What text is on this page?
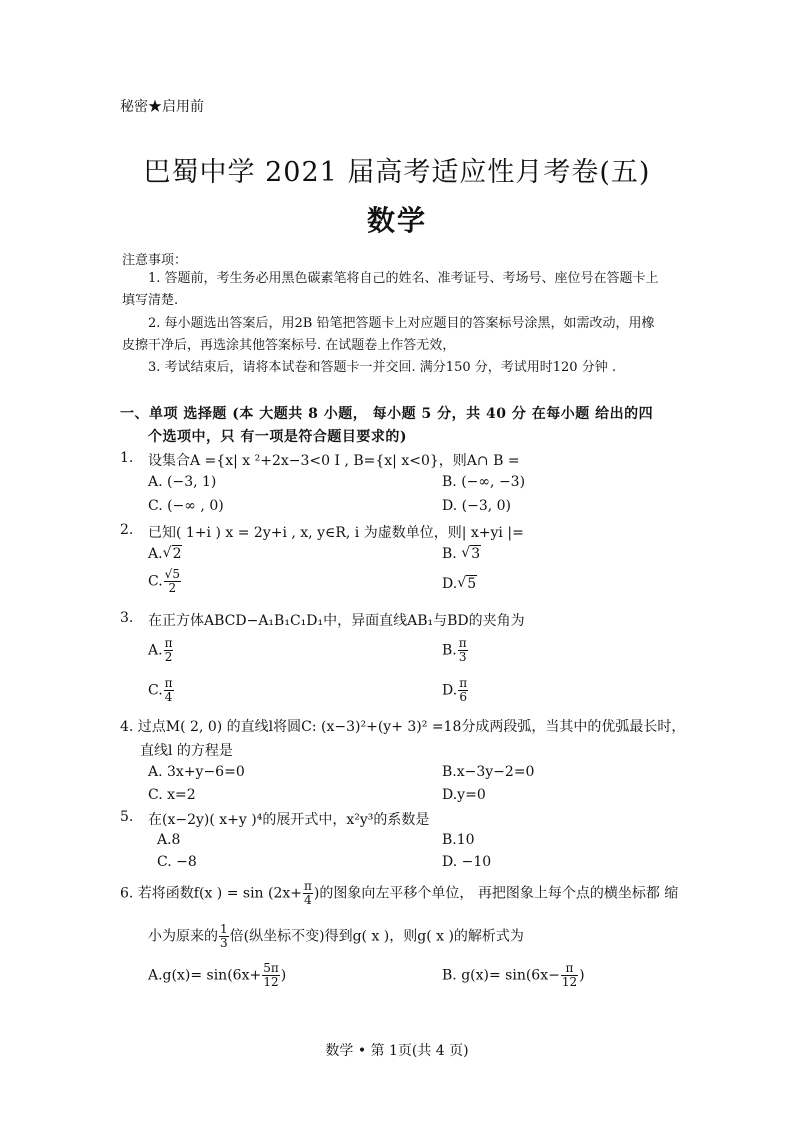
秘密★启用前
巴蜀中学 2021 届高考适应性月考卷(五)
数学
注意事项：
1. 答题前，考生务必用黑色碳素笔将自己的姓名、准考证号、考场号、座位号在答题卡上
填写清楚.
2. 每小题选出答案后，用2B 铅笔把答题卡上对应题目的答案标号涂黑，如需改动，用橡
皮擦干净后，再选涂其他答案标号. 在试题卷上作答无效，
3. 考试结束后，请将本试卷和答题卡一并交回. 满分150 分，考试用时120 分钟 .
一、单项 选择题 (本 大题共 8 小题， 每小题 5 分，共 40 分 在每小题 给出的四
个选项中，只 有一项是符合题目要求的)
1. 设集合A ={x| x ²+2x−3<0 I , B={x| x<0}，则A∩ B =
A. (−3, 1)	B. (−∞, −3)
C. (−∞ , 0)	D. (−3, 0)
2. 已知( 1+i ) x = 2y+i , x, y∈R, i 为虚数单位，则| x+yi |=
A. √ 2	B. √ 3
C. $\frac{√5}{2}$	D. √ 5
3. 在正方体ABCD−A₁B₁C₁D₁中，异面直线AB₁与BD的夹角为
A. $\frac{\pi}{2}$	B. $\frac{\pi}{3}$
C. $\frac{\pi}{4}$	D. $\frac{\pi}{6}$
4. 过点M( 2, 0) 的直线l将圆C: (x−3)²+(y+ 3)² =18分成两段弧，当其中的优弧最长时，
直线l 的方程是
A. 3x+y−6=0	B.x−3y−2=0
C. x=2	D.y=0
5. 在(x−2y)( x+y )⁴的展开式中，x²y³的系数是
A.8	B.10
C. −8	D. −10
6. 若将函数f(x ) = $\sin (2x+ \frac{\pi}{4}$ )的图象向左平移个单位， 再把图象上每个点的横坐标都 缩
小为原来的 $\frac{1}{3}$ 倍(纵坐标不变)得到g( x )，则g( x )的解析式为
$A.g(x)= \sin(6x+ \frac{5\pi}{12}$ )	B. $g(x)= \sin(6x- \frac{\pi}{12}$ )
数学 • 第 1页(共 4 页)
